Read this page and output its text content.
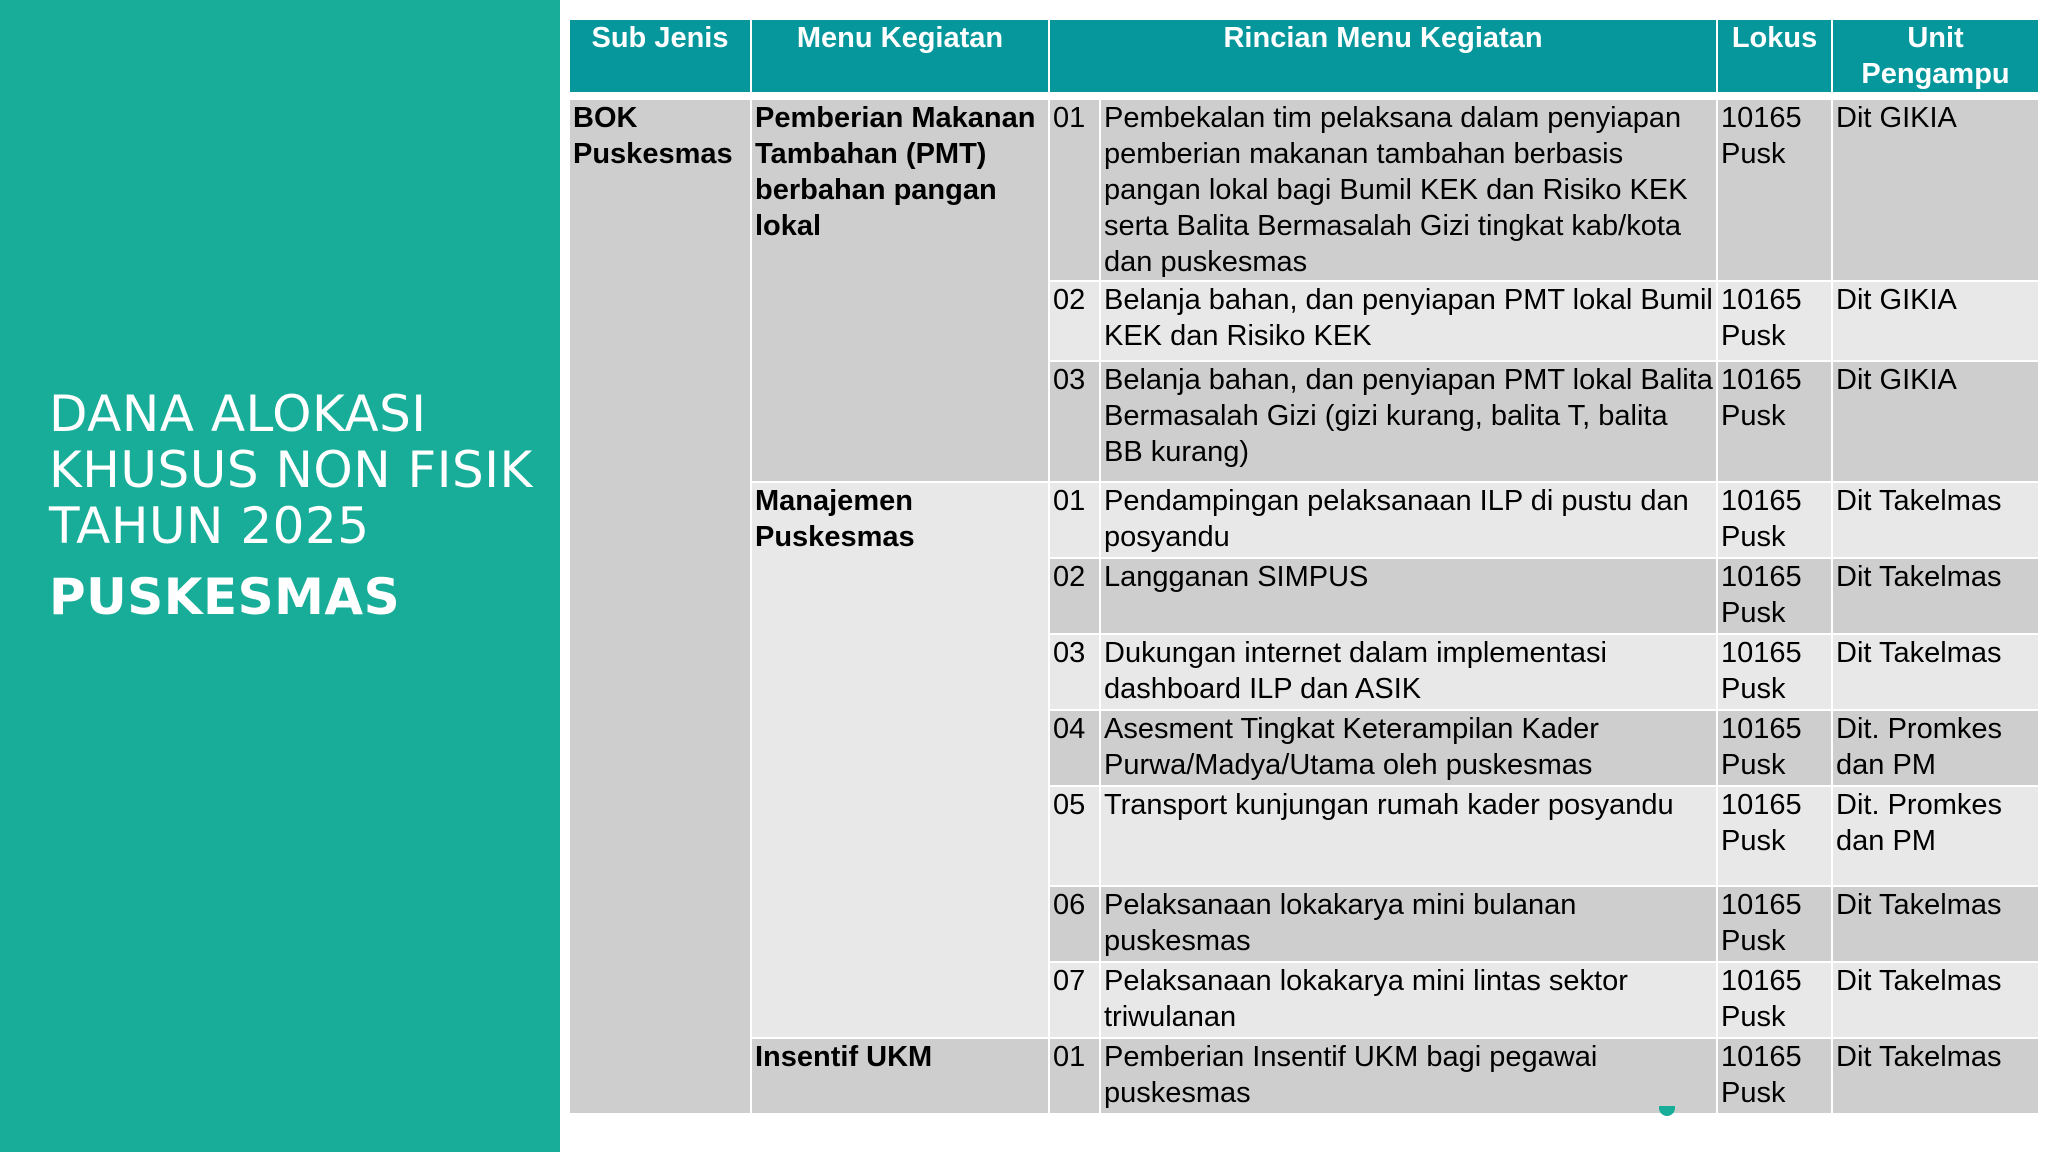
DANA ALOKASI
KHUSUS NON FISIK
TAHUN 2025
PUSKESMAS
Sub Jenis	Menu Kegiatan	Rincian Menu Kegiatan		Lokus	Unit Pengampu
BOK Puskesmas	Pemberian Makanan Tambahan (PMT) berbahan pangan lokal	01	Pembekalan tim pelaksana dalam penyiapan pemberian makanan tambahan berbasis pangan lokal bagi Bumil KEK dan Risiko KEK serta Balita Bermasalah Gizi tingkat kab/kota dan puskesmas	10165 Pusk	Dit GIKIA
		02	Belanja bahan, dan penyiapan PMT lokal Bumil KEK dan Risiko KEK	10165 Pusk	Dit GIKIA
		03	Belanja bahan, dan penyiapan PMT lokal Balita Bermasalah Gizi (gizi kurang, balita T, balita BB kurang)	10165 Pusk	Dit GIKIA
	Manajemen Puskesmas	01	Pendampingan pelaksanaan ILP di pustu dan posyandu	10165 Pusk	Dit Takelmas
		02	Langganan SIMPUS	10165 Pusk	Dit Takelmas
		03	Dukungan internet dalam implementasi dashboard ILP dan ASIK	10165 Pusk	Dit Takelmas
		04	Asesment Tingkat Keterampilan Kader Purwa/Madya/Utama oleh puskesmas	10165 Pusk	Dit. Promkes dan PM
		05	Transport kunjungan rumah kader posyandu	10165 Pusk	Dit. Promkes dan PM
		06	Pelaksanaan lokakarya mini bulanan puskesmas	10165 Pusk	Dit Takelmas
		07	Pelaksanaan lokakarya mini lintas sektor triwulanan	10165 Pusk	Dit Takelmas
	Insentif UKM	01	Pemberian Insentif UKM bagi pegawai puskesmas	10165 Pusk	Dit Takelmas
